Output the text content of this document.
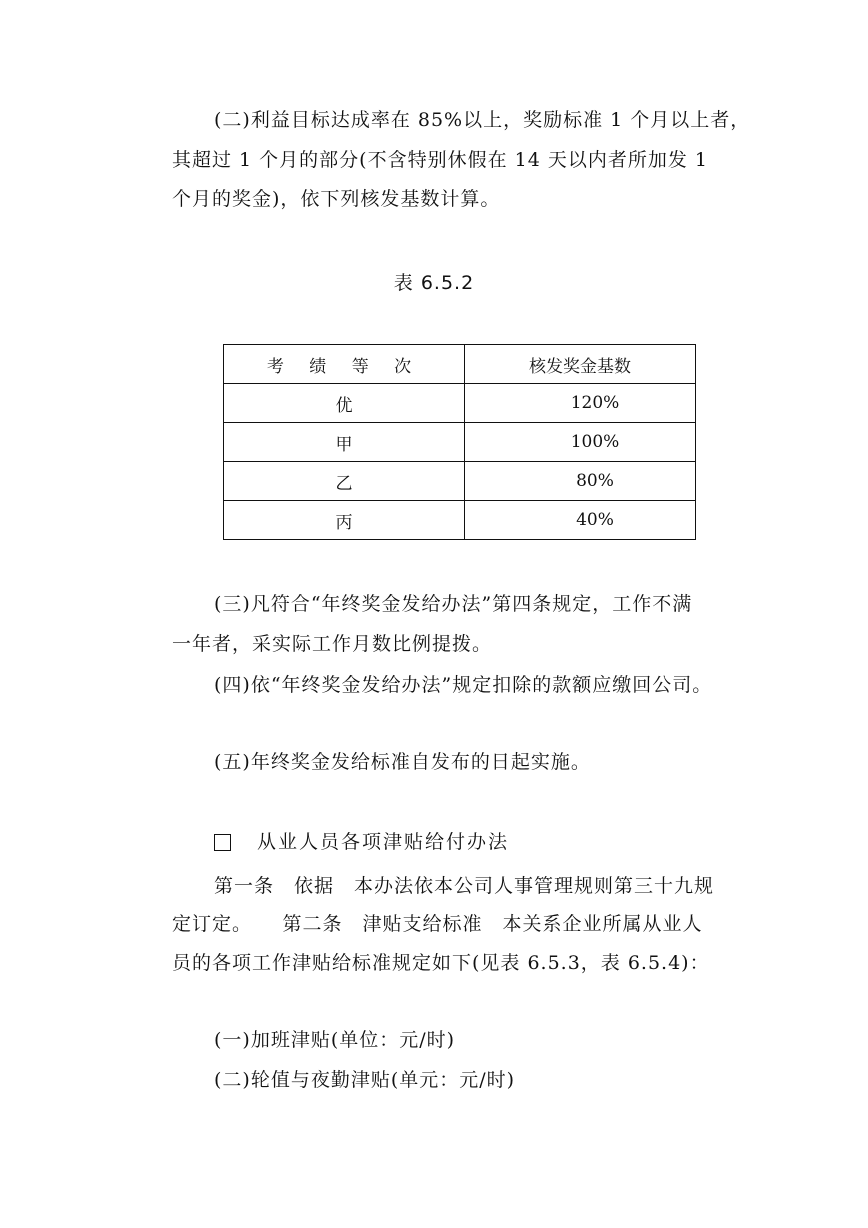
(二)利益目标达成率在 85%以上，奖励标准 1 个月以上者，
其超过 1 个月的部分(不含特别休假在 14 天以内者所加发 1
个月的奖金)，依下列核发基数计算。
表 6.5.2
考 绩 等 次	核发奖金基数
优	120%
甲	100%
乙	80%
丙	40%
(三)凡符合“年终奖金发给办法”第四条规定，工作不满
一年者，采实际工作月数比例提拨。
(四)依“年终奖金发给办法”规定扣除的款额应缴回公司。
(五)年终奖金发给标准自发布的日起实施。
从业人员各项津贴给付办法
第一条　依据　本办法依本公司人事管理规则第三十九规
定订定。　　第二条　津贴支给标准　本关系企业所属从业人
员的各项工作津贴给标准规定如下(见表 6.5.3，表 6.5.4)：
(一)加班津贴(单位：元/时)
(二)轮值与夜勤津贴(单元：元/时)
